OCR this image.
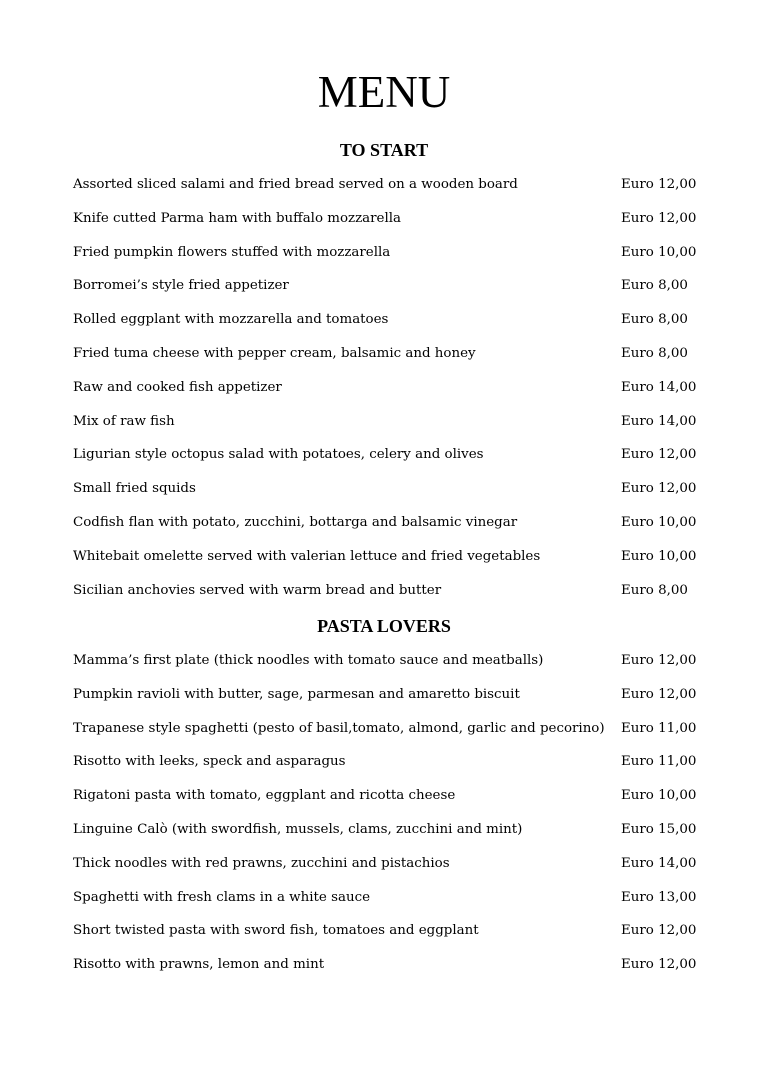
MENU
TO START
Assorted sliced salami and fried bread served on a wooden board	Euro 12,00
Knife cutted Parma ham with buffalo mozzarella	Euro 12,00
Fried pumpkin flowers stuffed with mozzarella	Euro 10,00
Borromei’s style fried appetizer	Euro 8,00
Rolled eggplant with mozzarella and tomatoes	Euro 8,00
Fried tuma cheese with pepper cream, balsamic and honey	Euro 8,00
Raw and cooked fish appetizer	Euro 14,00
Mix of raw fish	Euro 14,00
Ligurian style octopus salad with potatoes, celery and olives	Euro 12,00
Small fried squids	Euro 12,00
Codfish flan with potato, zucchini, bottarga and balsamic vinegar	Euro 10,00
Whitebait omelette served with valerian lettuce and fried vegetables	Euro 10,00
Sicilian anchovies served with warm bread and butter	Euro 8,00
PASTA LOVERS
Mamma’s first plate (thick noodles with tomato sauce and meatballs)	Euro 12,00
Pumpkin ravioli with butter, sage, parmesan and amaretto biscuit	Euro 12,00
Trapanese style spaghetti (pesto of basil,tomato, almond, garlic and pecorino) Euro 11,00
Risotto with leeks, speck and asparagus	Euro 11,00
Rigatoni pasta with tomato, eggplant and ricotta cheese	Euro 10,00
Linguine Calò (with swordfish, mussels, clams, zucchini and mint)	Euro 15,00
Thick noodles with red prawns, zucchini and pistachios	Euro 14,00
Spaghetti with fresh clams in a white sauce	Euro 13,00
Short twisted pasta with sword fish, tomatoes and eggplant	Euro 12,00
Risotto with prawns, lemon and mint	Euro 12,00
